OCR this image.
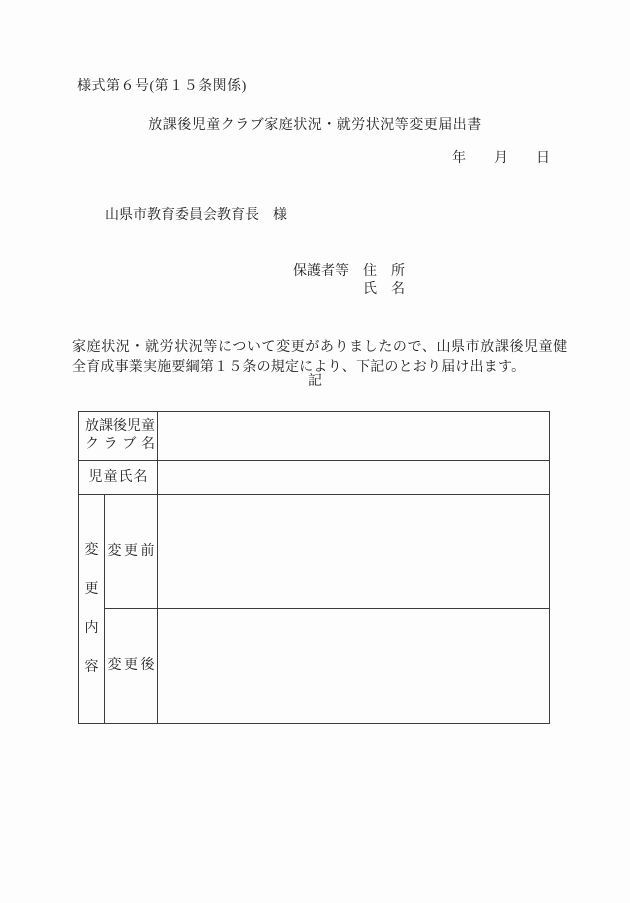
様式第６号(第１５条関係)
放課後児童クラブ家庭状況・就労状況等変更届出書
年　　月　　日
山県市教育委員会教育長　様
保護者等 住　所
氏　名

家庭状況・就労状況等について変更がありましたので、山県市放課後児童健
全育成事業実施要綱第１５条の規定により、下記のとおり届け出ます。

記
放課後児童
クラブ名
児童氏名
変
更
内
容
変更前
変更後
